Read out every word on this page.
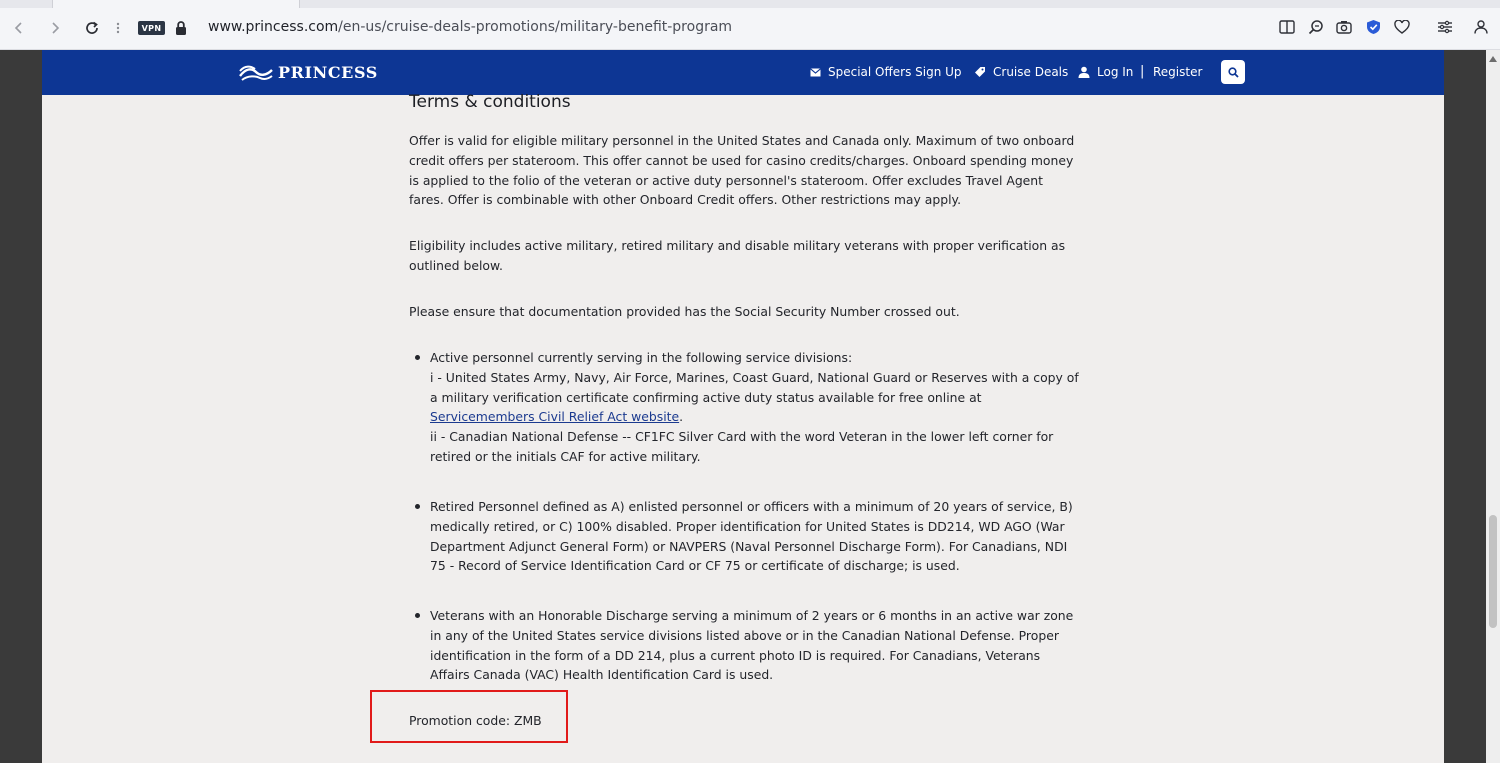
VPN	www.princess.com/en-us/cruise-deals-promotions/military-benefit-program
PRINCESS	Special Offers Sign Up	Cruise Deals Log In | Register
Terms & conditions
Offer is valid for eligible military personnel in the United States and Canada only. Maximum of two onboard credit offers per stateroom. This offer cannot be used for casino credits/charges. Onboard spending money is applied to the folio of the veteran or active duty personnel's stateroom. Offer excludes Travel Agent fares. Offer is combinable with other Onboard Credit offers. Other restrictions may apply.
Eligibility includes active military, retired military and disable military veterans with proper verification as outlined below.
Please ensure that documentation provided has the Social Security Number crossed out.
Active personnel currently serving in the following service divisions:
i - United States Army, Navy, Air Force, Marines, Coast Guard, National Guard or Reserves with a copy of a military verification certificate confirming active duty status available for free online at Servicemembers Civil Relief Act website.
ii - Canadian National Defense -- CF1FC Silver Card with the word Veteran in the lower left corner for retired or the initials CAF for active military.
Retired Personnel defined as A) enlisted personnel or officers with a minimum of 20 years of service, B) medically retired, or C) 100% disabled. Proper identification for United States is DD214, WD AGO (War Department Adjunct General Form) or NAVPERS (Naval Personnel Discharge Form). For Canadians, NDI 75 - Record of Service Identification Card or CF 75 or certificate of discharge; is used.
Veterans with an Honorable Discharge serving a minimum of 2 years or 6 months in an active war zone in any of the United States service divisions listed above or in the Canadian National Defense. Proper identification in the form of a DD 214, plus a current photo ID is required. For Canadians, Veterans Affairs Canada (VAC) Health Identification Card is used.
Promotion code: ZMB
